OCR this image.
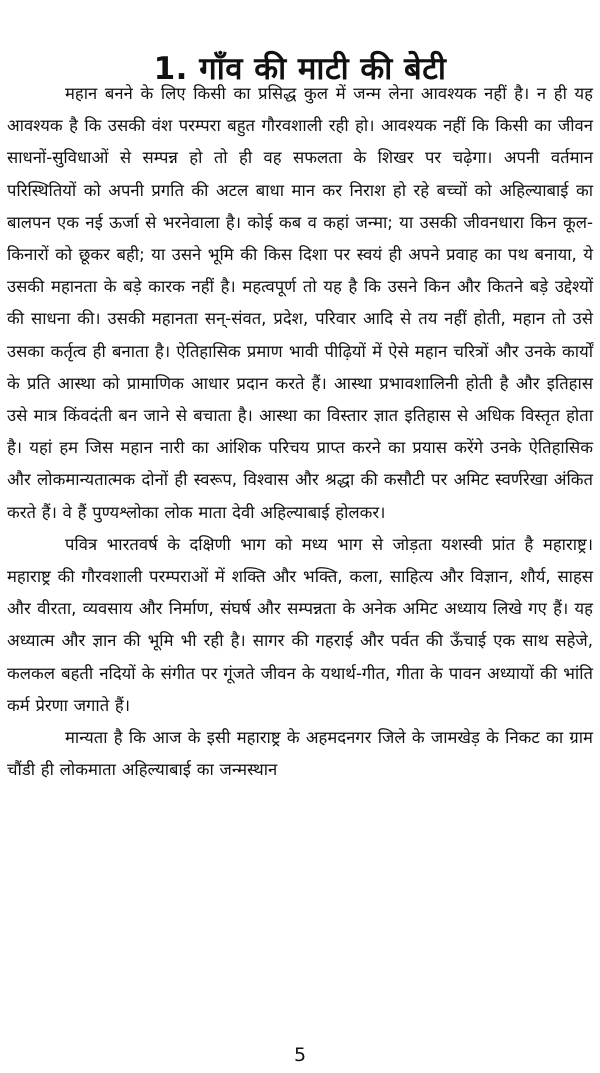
1. गाँव की माटी की बेटी

महान बनने के लिए किसी का प्रसिद्ध कुल में जन्म लेना आवश्यक नहीं है। न ही यह आवश्यक है कि उसकी वंश परम्परा बहुत गौरवशाली रही हो। आवश्यक नहीं कि किसी का जीवन साधनों-सुविधाओं से सम्पन्न हो तो ही वह सफलता के शिखर पर चढ़ेगा। अपनी वर्तमान परिस्थितियों को अपनी प्रगति की अटल बाधा मान कर निराश हो रहे बच्चों को अहिल्याबाई का बालपन एक नई ऊर्जा से भरनेवाला है। कोई कब व कहां जन्मा; या उसकी जीवनधारा किन कूल-किनारों को छूकर बही; या उसने भूमि की किस दिशा पर स्वयं ही अपने प्रवाह का पथ बनाया, ये उसकी महानता के बड़े कारक नहीं है। महत्वपूर्ण तो यह है कि उसने किन और कितने बड़े उद्देश्यों की साधना की। उसकी महानता सन्-संवत, प्रदेश, परिवार आदि से तय नहीं होती, महान तो उसे उसका कर्तृत्व ही बनाता है। ऐतिहासिक प्रमाण भावी पीढ़ियों में ऐसे महान चरित्रों और उनके कार्यों के प्रति आस्था को प्रामाणिक आधार प्रदान करते हैं। आस्था प्रभावशालिनी होती है और इतिहास उसे मात्र किंवदंती बन जाने से बचाता है। आस्था का विस्तार ज्ञात इतिहास से अधिक विस्तृत होता है। यहां हम जिस महान नारी का आंशिक परिचय प्राप्त करने का प्रयास करेंगे उनके ऐतिहासिक और लोकमान्यतात्मक दोनों ही स्वरूप, विश्वास और श्रद्धा की कसौटी पर अमिट स्वर्णरेखा अंकित करते हैं। वे हैं पुण्यश्लोका लोक माता देवी अहिल्याबाई होलकर।

पवित्र भारतवर्ष के दक्षिणी भाग को मध्य भाग से जोड़ता यशस्वी प्रांत है महाराष्ट्र। महाराष्ट्र की गौरवशाली परम्पराओं में शक्ति और भक्ति, कला, साहित्य और विज्ञान, शौर्य, साहस और वीरता, व्यवसाय और निर्माण, संघर्ष और सम्पन्नता के अनेक अमिट अध्याय लिखे गए हैं। यह अध्यात्म और ज्ञान की भूमि भी रही है। सागर की गहराई और पर्वत की ऊँचाई एक साथ सहेजे, कलकल बहती नदियों के संगीत पर गूंजते जीवन के यथार्थ-गीत, गीता के पावन अध्यायों की भांति कर्म प्रेरणा जगाते हैं।

मान्यता है कि आज के इसी महाराष्ट्र के अहमदनगर जिले के जामखेड़ के निकट का ग्राम चौंडी ही लोकमाता अहिल्याबाई का जन्मस्थान

5
